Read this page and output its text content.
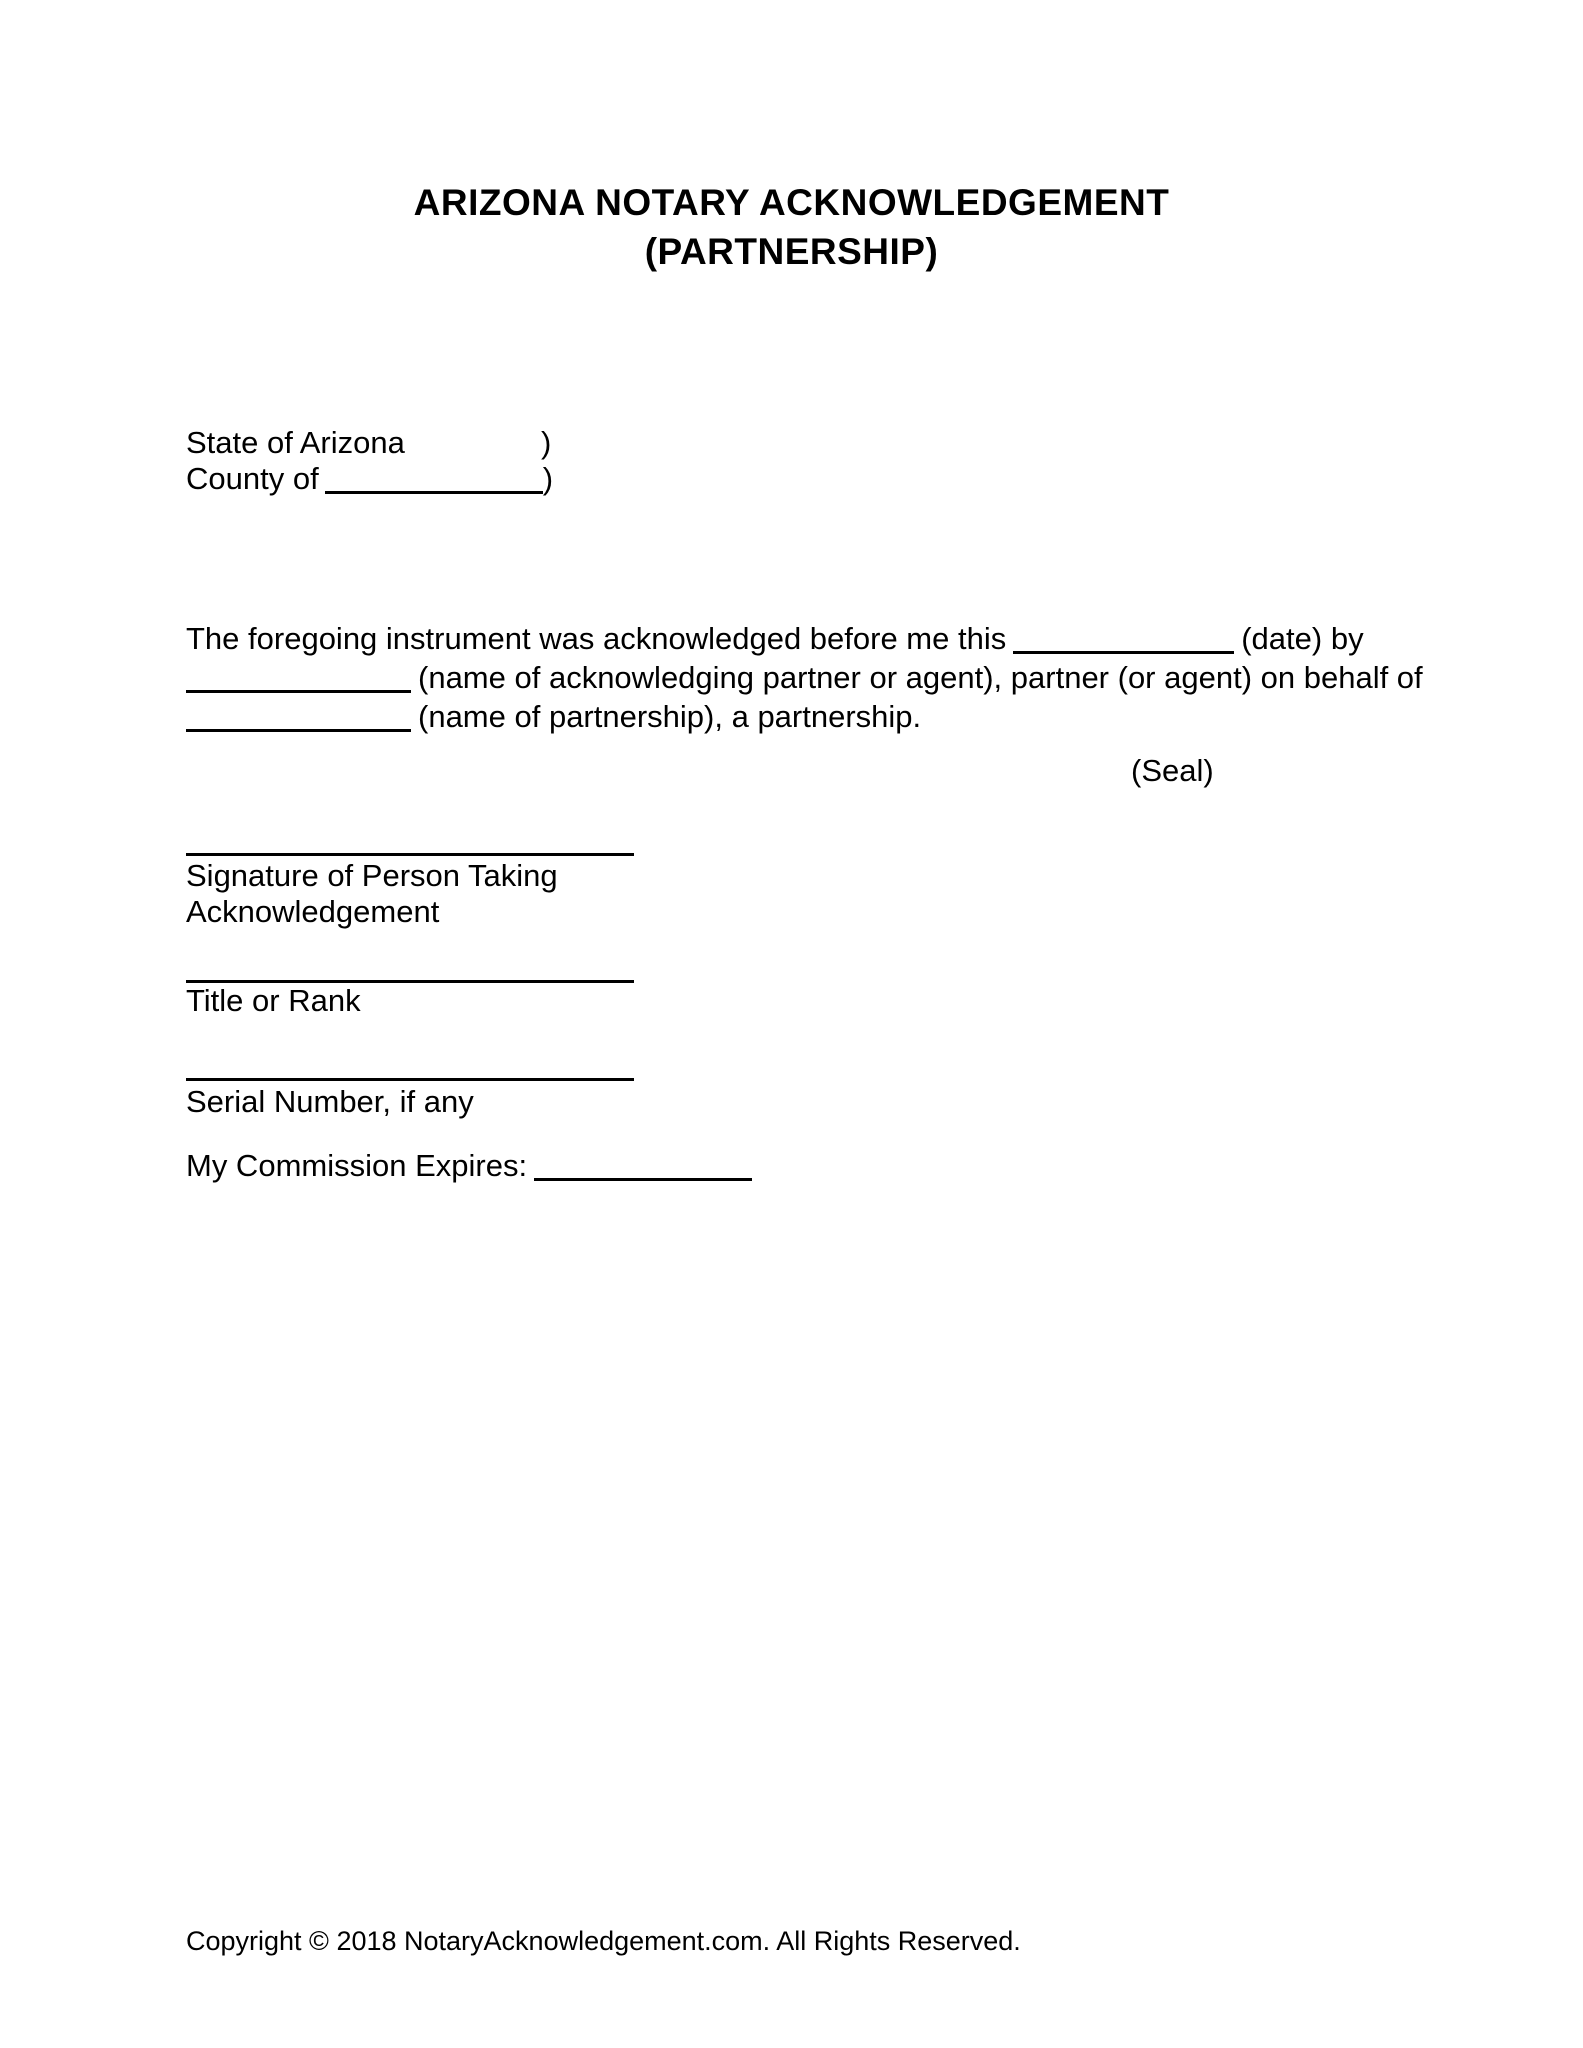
ARIZONA NOTARY ACKNOWLEDGEMENT
(PARTNERSHIP)
State of Arizona	)
County of	)
The foregoing instrument was acknowledged before me this	(date) by
(name of acknowledging partner or agent), partner (or agent) on behalf of
(name of partnership), a partnership.
(Seal)
Signature of Person Taking
Acknowledgement
Title or Rank
Serial Number, if any
My Commission Expires:
Copyright © 2018 NotaryAcknowledgement.com. All Rights Reserved.
